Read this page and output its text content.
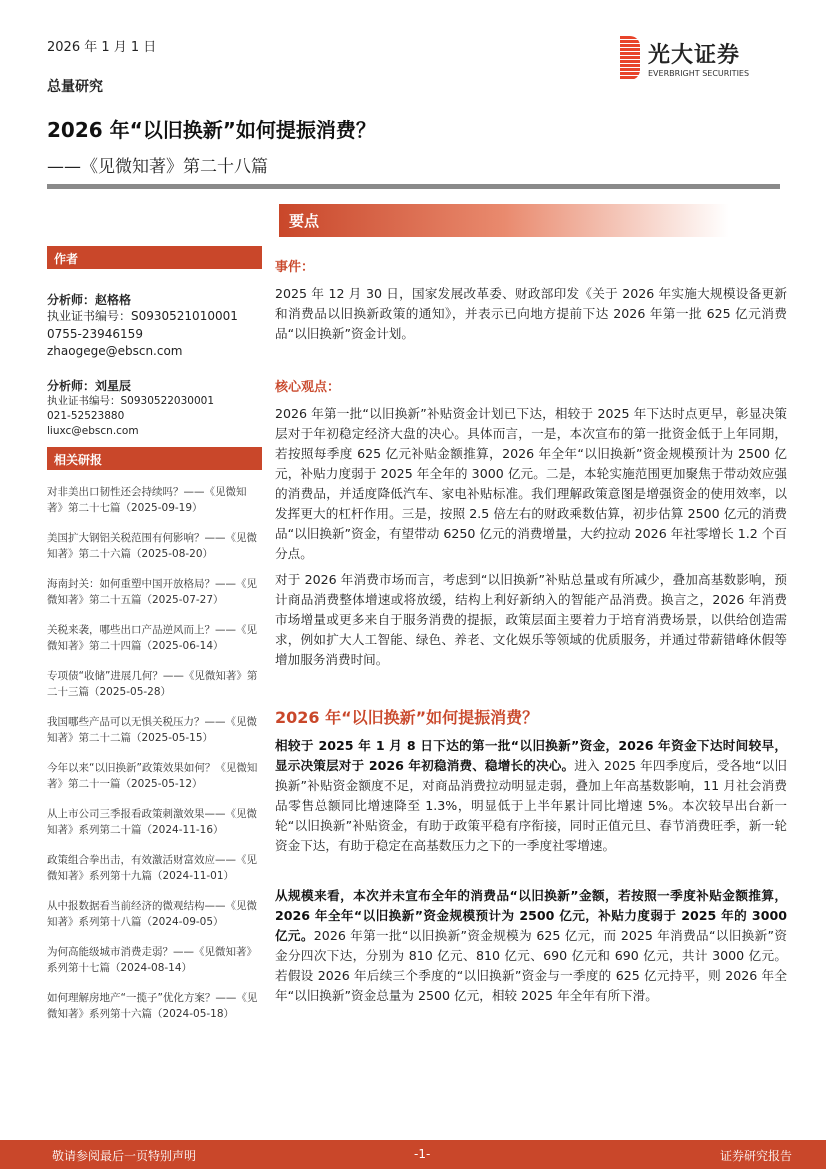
2026 年 1 月 1 日
总量研究
2026 年“以旧换新”如何提振消费？
——《见微知著》第二十八篇
光大证券
EVERBRIGHT SECURITIES
要点
作者
分析师：赵格格
执业证书编号：S0930521010001
0755-23946159
zhaogege@ebscn.com
分析师：刘星辰
执业证书编号：S0930522030001
021-52523880
liuxc@ebscn.com
相关研报
对非美出口韧性还会持续吗？——《见微知著》第二十七篇（2025-09-19）
美国扩大钢铝关税范围有何影响？——《见微知著》第二十六篇（2025-08-20）
海南封关：如何重塑中国开放格局？——《见微知著》第二十五篇（2025-07-27）
关税来袭，哪些出口产品逆风而上？——《见微知著》第二十四篇（2025-06-14）
专项债“收储”进展几何？——《见微知著》第二十三篇（2025-05-28）
我国哪些产品可以无惧关税压力？——《见微知著》第二十二篇（2025-05-15）
今年以来“以旧换新”政策效果如何？《见微知著》第二十一篇（2025-05-12）
从上市公司三季报看政策刺激效果——《见微知著》系列第二十篇（2024-11-16）
政策组合拳出击，有效激活财富效应——《见微知著》系列第十九篇（2024-11-01）
从中报数据看当前经济的微观结构——《见微知著》系列第十八篇（2024-09-05）
为何高能级城市消费走弱？——《见微知著》系列第十七篇（2024-08-14）
如何理解房地产“一揽子”优化方案？——《见微知著》系列第十六篇（2024-05-18）
事件：

2025 年 12 月 30 日，国家发展改革委、财政部印发《关于 2026 年实施大规模设备更新和消费品以旧换新政策的通知》，并表示已向地方提前下达 2026 年第一批 625 亿元消费品“以旧换新”资金计划。

核心观点：

2026 年第一批“以旧换新”补贴资金计划已下达，相较于 2025 年下达时点更早，彰显决策层对于年初稳定经济大盘的决心。具体而言，一是，本次宣布的第一批资金低于上年同期，若按照每季度 625 亿元补贴金额推算，2026 年全年“以旧换新”资金规模预计为 2500 亿元，补贴力度弱于 2025 年全年的 3000 亿元。二是，本轮实施范围更加聚焦于带动效应强的消费品，并适度降低汽车、家电补贴标准。我们理解政策意图是增强资金的使用效率，以发挥更大的杠杆作用。三是，按照 2.5 倍左右的财政乘数估算，初步估算 2500 亿元的消费品“以旧换新”资金，有望带动 6250 亿元的消费增量，大约拉动 2026 年社零增长 1.2 个百分点。

对于 2026 年消费市场而言，考虑到“以旧换新”补贴总量或有所减少，叠加高基数影响，预计商品消费整体增速或将放缓，结构上利好新纳入的智能产品消费。换言之，2026 年消费市场增量或更多来自于服务消费的提振，政策层面主要着力于培育消费场景，以供给创造需求，例如扩大人工智能、绿色、养老、文化娱乐等领域的优质服务，并通过带薪错峰休假等增加服务消费时间。

2026 年“以旧换新”如何提振消费？

相较于 2025 年 1 月 8 日下达的第一批“以旧换新”资金，2026 年资金下达时间较早，显示决策层对于 2026 年初稳消费、稳增长的决心。进入 2025 年四季度后，受各地“以旧换新”补贴资金额度不足，对商品消费拉动明显走弱，叠加上年高基数影响，11 月社会消费品零售总额同比增速降至 1.3%，明显低于上半年累计同比增速 5%。本次较早出台新一轮“以旧换新”补贴资金，有助于政策平稳有序衔接，同时正值元旦、春节消费旺季，新一轮资金下达，有助于稳定在高基数压力之下的一季度社零增速。

从规模来看，本次并未宣布全年的消费品“以旧换新”金额，若按照一季度补贴金额推算，2026 年全年“以旧换新”资金规模预计为 2500 亿元，补贴力度弱于 2025 年的 3000 亿元。2026 年第一批“以旧换新”资金规模为 625 亿元，而 2025 年消费品“以旧换新”资金分四次下达，分别为 810 亿元、810 亿元、690 亿元和 690 亿元，共计 3000 亿元。若假设 2026 年后续三个季度的“以旧换新”资金与一季度的 625 亿元持平，则 2026 年全年“以旧换新”资金总量为 2500 亿元，相较 2025 年全年有所下滑。

敬请参阅最后一页特别声明	-1-	证券研究报告
